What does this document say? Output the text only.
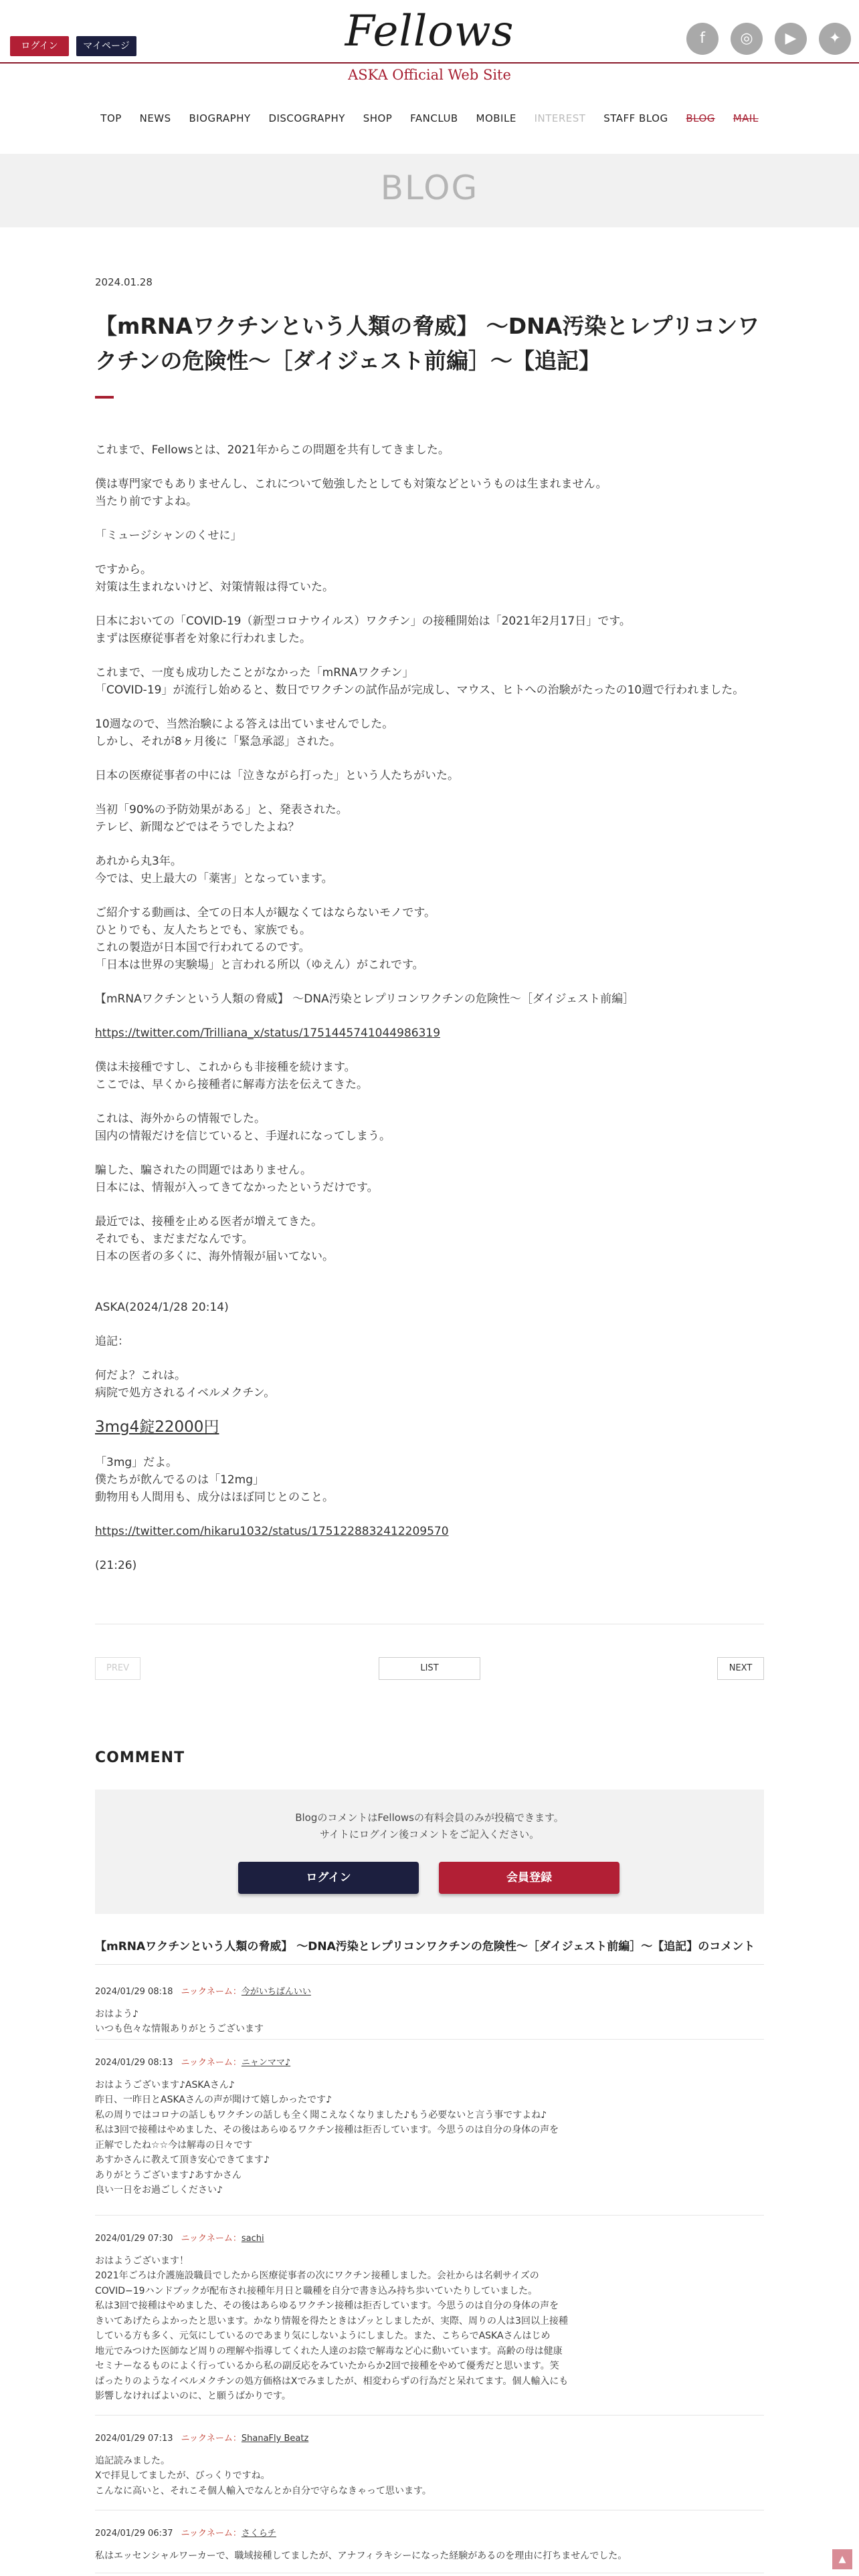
ログイン	マイページ	Fellows	f	◎	▶	✦
ASKA Official Web Site
TOP NEWS BIOGRAPHY DISCOGRAPHY SHOP FANCLUB MOBILE INTEREST STAFF BLOG BLOG MAIL
BLOG
2024.01.28
【mRNAワクチンという人類の脅威】 〜DNA汚染とレプリコンワクチンの危険性〜［ダイジェスト前編］〜【追記】

これまで、Fellowsとは、2021年からこの問題を共有してきました。

僕は専門家でもありませんし、これについて勉強したとしても対策などというものは生まれません。
当たり前ですよね。

「ミュージシャンのくせに」

ですから。
対策は生まれないけど、対策情報は得ていた。

日本においての「COVID-19（新型コロナウイルス）ワクチン」の接種開始は「2021年2月17日」です。
まずは医療従事者を対象に行われました。

これまで、一度も成功したことがなかった「mRNAワクチン」
「COVID-19」が流行し始めると、数日でワクチンの試作品が完成し、マウス、ヒトへの治験がたったの10週で行われました。

10週なので、当然治験による答えは出ていませんでした。
しかし、それが8ヶ月後に「緊急承認」された。

日本の医療従事者の中には「泣きながら打った」という人たちがいた。

当初「90%の予防効果がある」と、発表された。
テレビ、新聞などではそうでしたよね？

あれから丸3年。
今では、史上最大の「薬害」となっています。

ご紹介する動画は、全ての日本人が観なくてはならないモノです。
ひとりでも、友人たちとでも、家族でも。
これの製造が日本国で行われてるのです。
「日本は世界の実験場」と言われる所以（ゆえん）がこれです。

【mRNAワクチンという人類の脅威】 〜DNA汚染とレプリコンワクチンの危険性〜［ダイジェスト前編］

https://twitter.com/Trilliana_x/status/1751445741044986319

僕は未接種ですし、これからも非接種を続けます。
ここでは、早くから接種者に解毒方法を伝えてきた。

これは、海外からの情報でした。
国内の情報だけを信じていると、手遅れになってしまう。

騙した、騙されたの問題ではありません。
日本には、情報が入ってきてなかったというだけです。

最近では、接種を止める医者が増えてきた。
それでも、まだまだなんです。
日本の医者の多くに、海外情報が届いてない。

ASKA(2024/1/28 20:14)

追記：

何だよ？これは。
病院で処方されるイベルメクチン。

3mg4錠22000円

「3mg」だよ。
僕たちが飲んでるのは「12mg」
動物用も人間用も、成分はほぼ同じとのこと。

https://twitter.com/hikaru1032/status/1751228832412209570

(21:26)

PREV	LIST	NEXT
COMMENT
BlogのコメントはFellowsの有料会員のみが投稿できます。
サイトにログイン後コメントをご記入ください。
ログイン	会員登録
【mRNAワクチンという人類の脅威】 〜DNA汚染とレプリコンワクチンの危険性〜［ダイジェスト前編］〜【追記】のコメント
2024/01/29 08:18 ニックネーム：今がいちばんいい
おはよう♪
いつも色々な情報ありがとうございます
2024/01/29 08:13 ニックネーム：ニャンママ♪
おはようございます♪ASKAさん♪
昨日、一昨日とASKAさんの声が聞けて嬉しかったです♪
私の周りではコロナの話しもワクチンの話しも全く聞こえなくなりました♪もう必要ないと言う事ですよね♪
私は3回で接種はやめました、その後はあらゆるワクチン接種は拒否しています。今思うのは自分の身体の声を
正解でしたね☆☆今は解毒の日々です
あすかさんに教えて頂き安心できてます♪
ありがとうございます♪あすかさん
良い一日をお過ごしください♪
2024/01/29 07:30 ニックネーム：sachi
おはようございます！
2021年ごろは介護施設職員でしたから医療従事者の次にワクチン接種しました。会社からは名刺サイズの
COVID−19ハンドブックが配布され接種年月日と職種を自分で書き込み持ち歩いていたりしていました。
私は3回で接種はやめました、その後はあらゆるワクチン接種は拒否しています。今思うのは自分の身体の声を
きいてあげたらよかったと思います。かなり情報を得たときはゾッとしましたが、実際、周りの人は3回以上接種
している方も多く、元気にしているのであまり気にしないようにしました。また、こちらでASKAさんはじめ
地元でみつけた医師など周りの理解や指導してくれた人達のお陰で解毒など心に動いています。高齢の母は健康
セミナーなるものによく行っているから私の副反応をみていたからか2回で接種をやめて優秀だと思います。笑
ぱったりのようなイベルメクチンの処方価格はXでみましたが、相変わらずの行為だと呆れてます。個人輸入にも
影響しなければよいのに、と願うばかりです。
2024/01/29 07:13 ニックネーム：ShanaFly Beatz
追記読みました。
Xで拝見してましたが、びっくりですね。
こんなに高いと、それこそ個人輸入でなんとか自分で守らなきゃって思います。
2024/01/29 06:37 ニックネーム：さくらチ
私はエッセンシャルワーカーで、職域接種してましたが、アナフィラキシーになった経験があるのを理由に打ちませんでした。	▲
